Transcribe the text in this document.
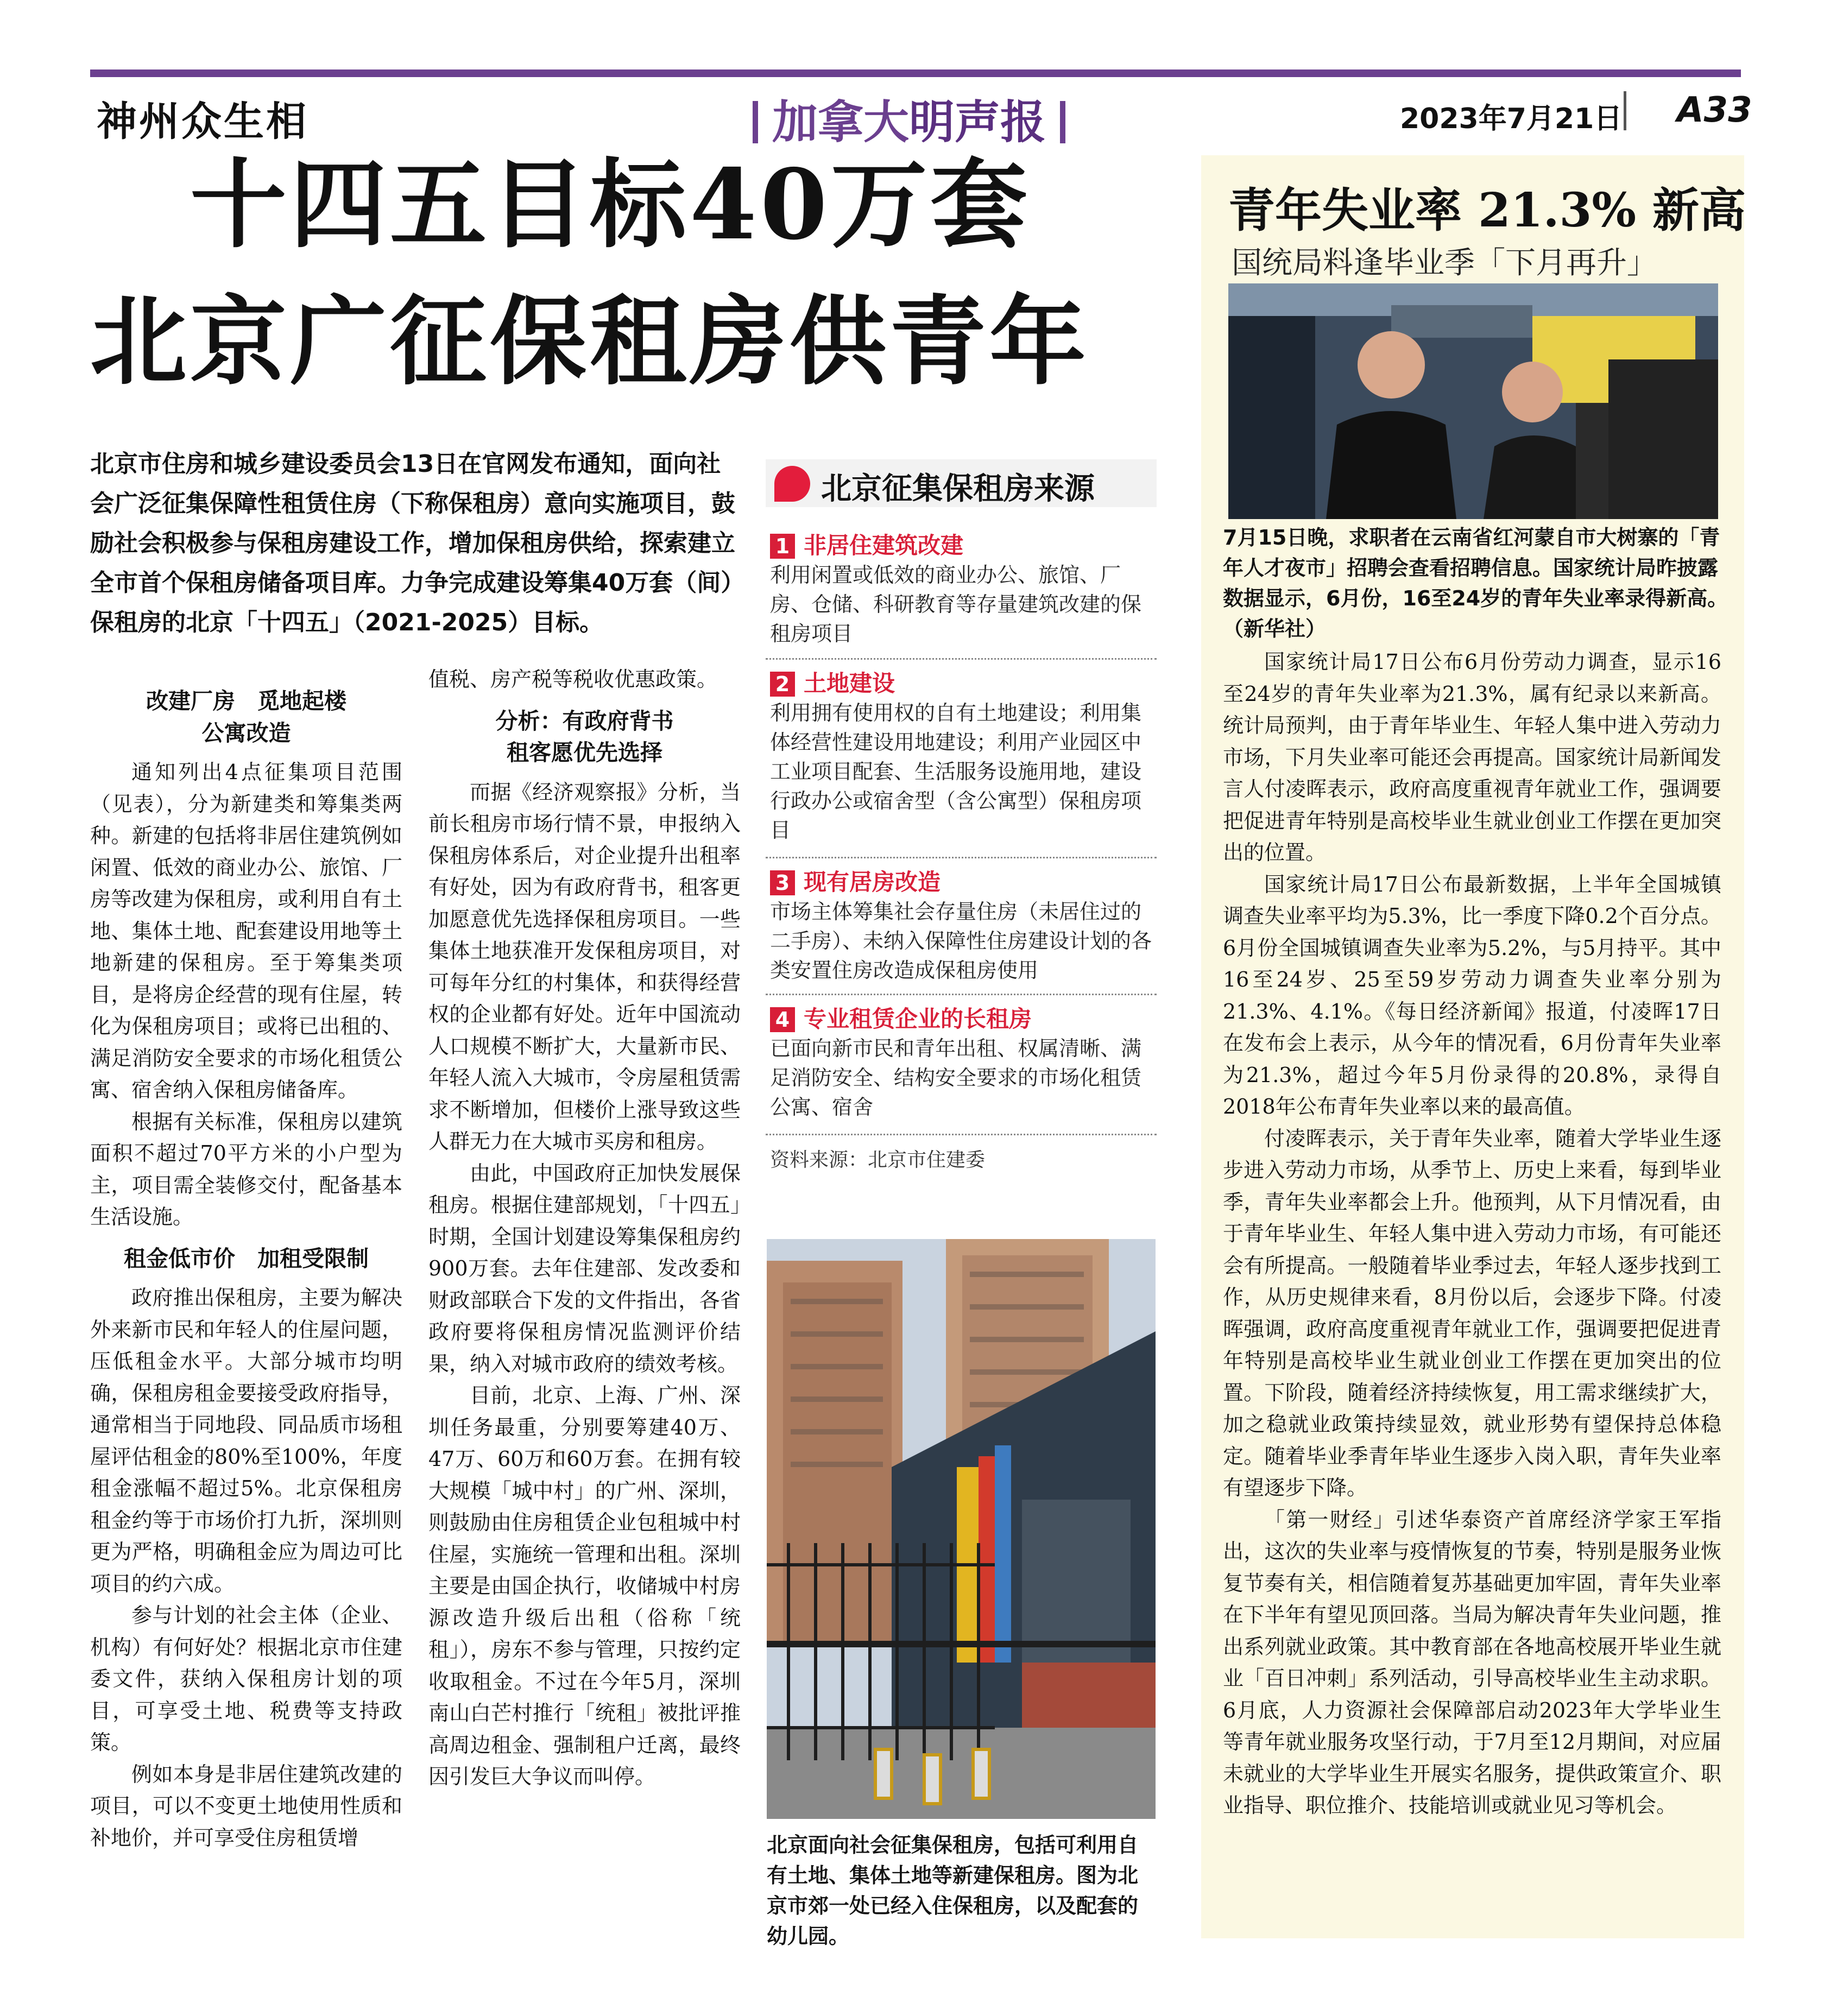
神州众生相	加拿大明声报	2023年7月21日 A33
十四五目标40万套
北京广征保租房供青年
北京市住房和城乡建设委员会13日在官网发布通知，面向社会广泛征集保障性租赁住房（下称保租房）意向实施项目，鼓励社会积极参与保租房建设工作，增加保租房供给，探索建立全市首个保租房储备项目库。力争完成建设筹集40万套（间）保租房的北京「十四五」（2021-2025）目标。
改建厂房　觅地起楼
公寓改造

通知列出4点征集项目范围（见表），分为新建类和筹集类两种。新建的包括将非居住建筑例如闲置、低效的商业办公、旅馆、厂房等改建为保租房，或利用自有土地、集体土地、配套建设用地等土地新建的保租房。至于筹集类项目，是将房企经营的现有住屋，转化为保租房项目；或将已出租的、满足消防安全要求的市场化租赁公寓、宿舍纳入保租房储备库。

根据有关标准，保租房以建筑面积不超过70平方米的小户型为主，项目需全装修交付，配备基本生活设施。

租金低市价　加租受限制

政府推出保租房，主要为解决外来新市民和年轻人的住屋问题，压低租金水平。大部分城市均明确，保租房租金要接受政府指导，通常相当于同地段、同品质市场租屋评估租金的80%至100%，年度租金涨幅不超过5%。北京保租房租金约等于市场价打九折，深圳则更为严格，明确租金应为周边可比项目的约六成。

参与计划的社会主体（企业、机构）有何好处？根据北京市住建委文件，获纳入保租房计划的项目，可享受土地、税费等支持政策。

例如本身是非居住建筑改建的项目，可以不变更土地使用性质和补地价，并可享受住房租赁增

值税、房产税等税收优惠政策。

分析：有政府背书
租客愿优先选择

而据《经济观察报》分析，当前长租房市场行情不景，申报纳入保租房体系后，对企业提升出租率有好处，因为有政府背书，租客更加愿意优先选择保租房项目。一些集体土地获准开发保租房项目，对可每年分红的村集体，和获得经营权的企业都有好处。近年中国流动人口规模不断扩大，大量新市民、年轻人流入大城市，令房屋租赁需求不断增加，但楼价上涨导致这些人群无力在大城市买房和租房。

由此，中国政府正加快发展保租房。根据住建部规划，「十四五」时期，全国计划建设筹集保租房约900万套。去年住建部、发改委和财政部联合下发的文件指出，各省政府要将保租房情况监测评价结果，纳入对城市政府的绩效考核。

目前，北京、上海、广州、深圳任务最重，分别要筹建40万、47万、60万和60万套。在拥有较大规模「城中村」的广州、深圳，则鼓励由住房租赁企业包租城中村住屋，实施统一管理和出租。深圳主要是由国企执行，收储城中村房源改造升级后出租（俗称「统租」），房东不参与管理，只按约定收取租金。不过在今年5月，深圳南山白芒村推行「统租」被批评推高周边租金、强制租户迁离，最终因引发巨大争议而叫停。

北京征集保租房来源
1 非居住建筑改建
利用闲置或低效的商业办公、旅馆、厂房、仓储、科研教育等存量建筑改建的保租房项目
2 土地建设
利用拥有使用权的自有土地建设；利用集体经营性建设用地建设；利用产业园区中工业项目配套、生活服务设施用地，建设行政办公或宿舍型（含公寓型）保租房项目
3 现有居房改造
市场主体筹集社会存量住房（未居住过的二手房）、未纳入保障性住房建设计划的各类安置住房改造成保租房使用
4 专业租赁企业的长租房
已面向新市民和青年出租、权属清晰、满足消防安全、结构安全要求的市场化租赁公寓、宿舍
资料来源：北京市住建委
北京面向社会征集保租房，包括可利用自有土地、集体土地等新建保租房。图为北京市郊一处已经入住保租房，以及配套的幼儿园。
青年失业率 21.3% 新高
国统局料逢毕业季「下月再升」
7月15日晚，求职者在云南省红河蒙自市大树寨的「青年人才夜市」招聘会查看招聘信息。国家统计局昨披露数据显示，6月份，16至24岁的青年失业率录得新高。　　　　（新华社）

国家统计局17日公布6月份劳动力调查，显示16至24岁的青年失业率为21.3%，属有纪录以来新高。统计局预判，由于青年毕业生、年轻人集中进入劳动力市场，下月失业率可能还会再提高。国家统计局新闻发言人付凌晖表示，政府高度重视青年就业工作，强调要把促进青年特别是高校毕业生就业创业工作摆在更加突出的位置。

国家统计局17日公布最新数据，上半年全国城镇调查失业率平均为5.3%，比一季度下降0.2个百分点。6月份全国城镇调查失业率为5.2%，与5月持平。其中16至24岁、25至59岁劳动力调查失业率分别为21.3%、4.1%。《每日经济新闻》报道，付凌晖17日在发布会上表示，从今年的情况看，6月份青年失业率为21.3%，超过今年5月份录得的20.8%，录得自2018年公布青年失业率以来的最高值。

付凌晖表示，关于青年失业率，随着大学毕业生逐步进入劳动力市场，从季节上、历史上来看，每到毕业季，青年失业率都会上升。他预判，从下月情况看，由于青年毕业生、年轻人集中进入劳动力市场，有可能还会有所提高。一般随着毕业季过去，年轻人逐步找到工作，从历史规律来看，8月份以后，会逐步下降。付凌晖强调，政府高度重视青年就业工作，强调要把促进青年特别是高校毕业生就业创业工作摆在更加突出的位置。下阶段，随着经济持续恢复，用工需求继续扩大，加之稳就业政策持续显效，就业形势有望保持总体稳定。随着毕业季青年毕业生逐步入岗入职，青年失业率有望逐步下降。

「第一财经」引述华泰资产首席经济学家王军指出，这次的失业率与疫情恢复的节奏，特别是服务业恢复节奏有关，相信随着复苏基础更加牢固，青年失业率在下半年有望见顶回落。当局为解决青年失业问题，推出系列就业政策。其中教育部在各地高校展开毕业生就业「百日冲刺」系列活动，引导高校毕业生主动求职。6月底，人力资源社会保障部启动2023年大学毕业生等青年就业服务攻坚行动，于7月至12月期间，对应届未就业的大学毕业生开展实名服务，提供政策宣介、职业指导、职位推介、技能培训或就业见习等机会。
